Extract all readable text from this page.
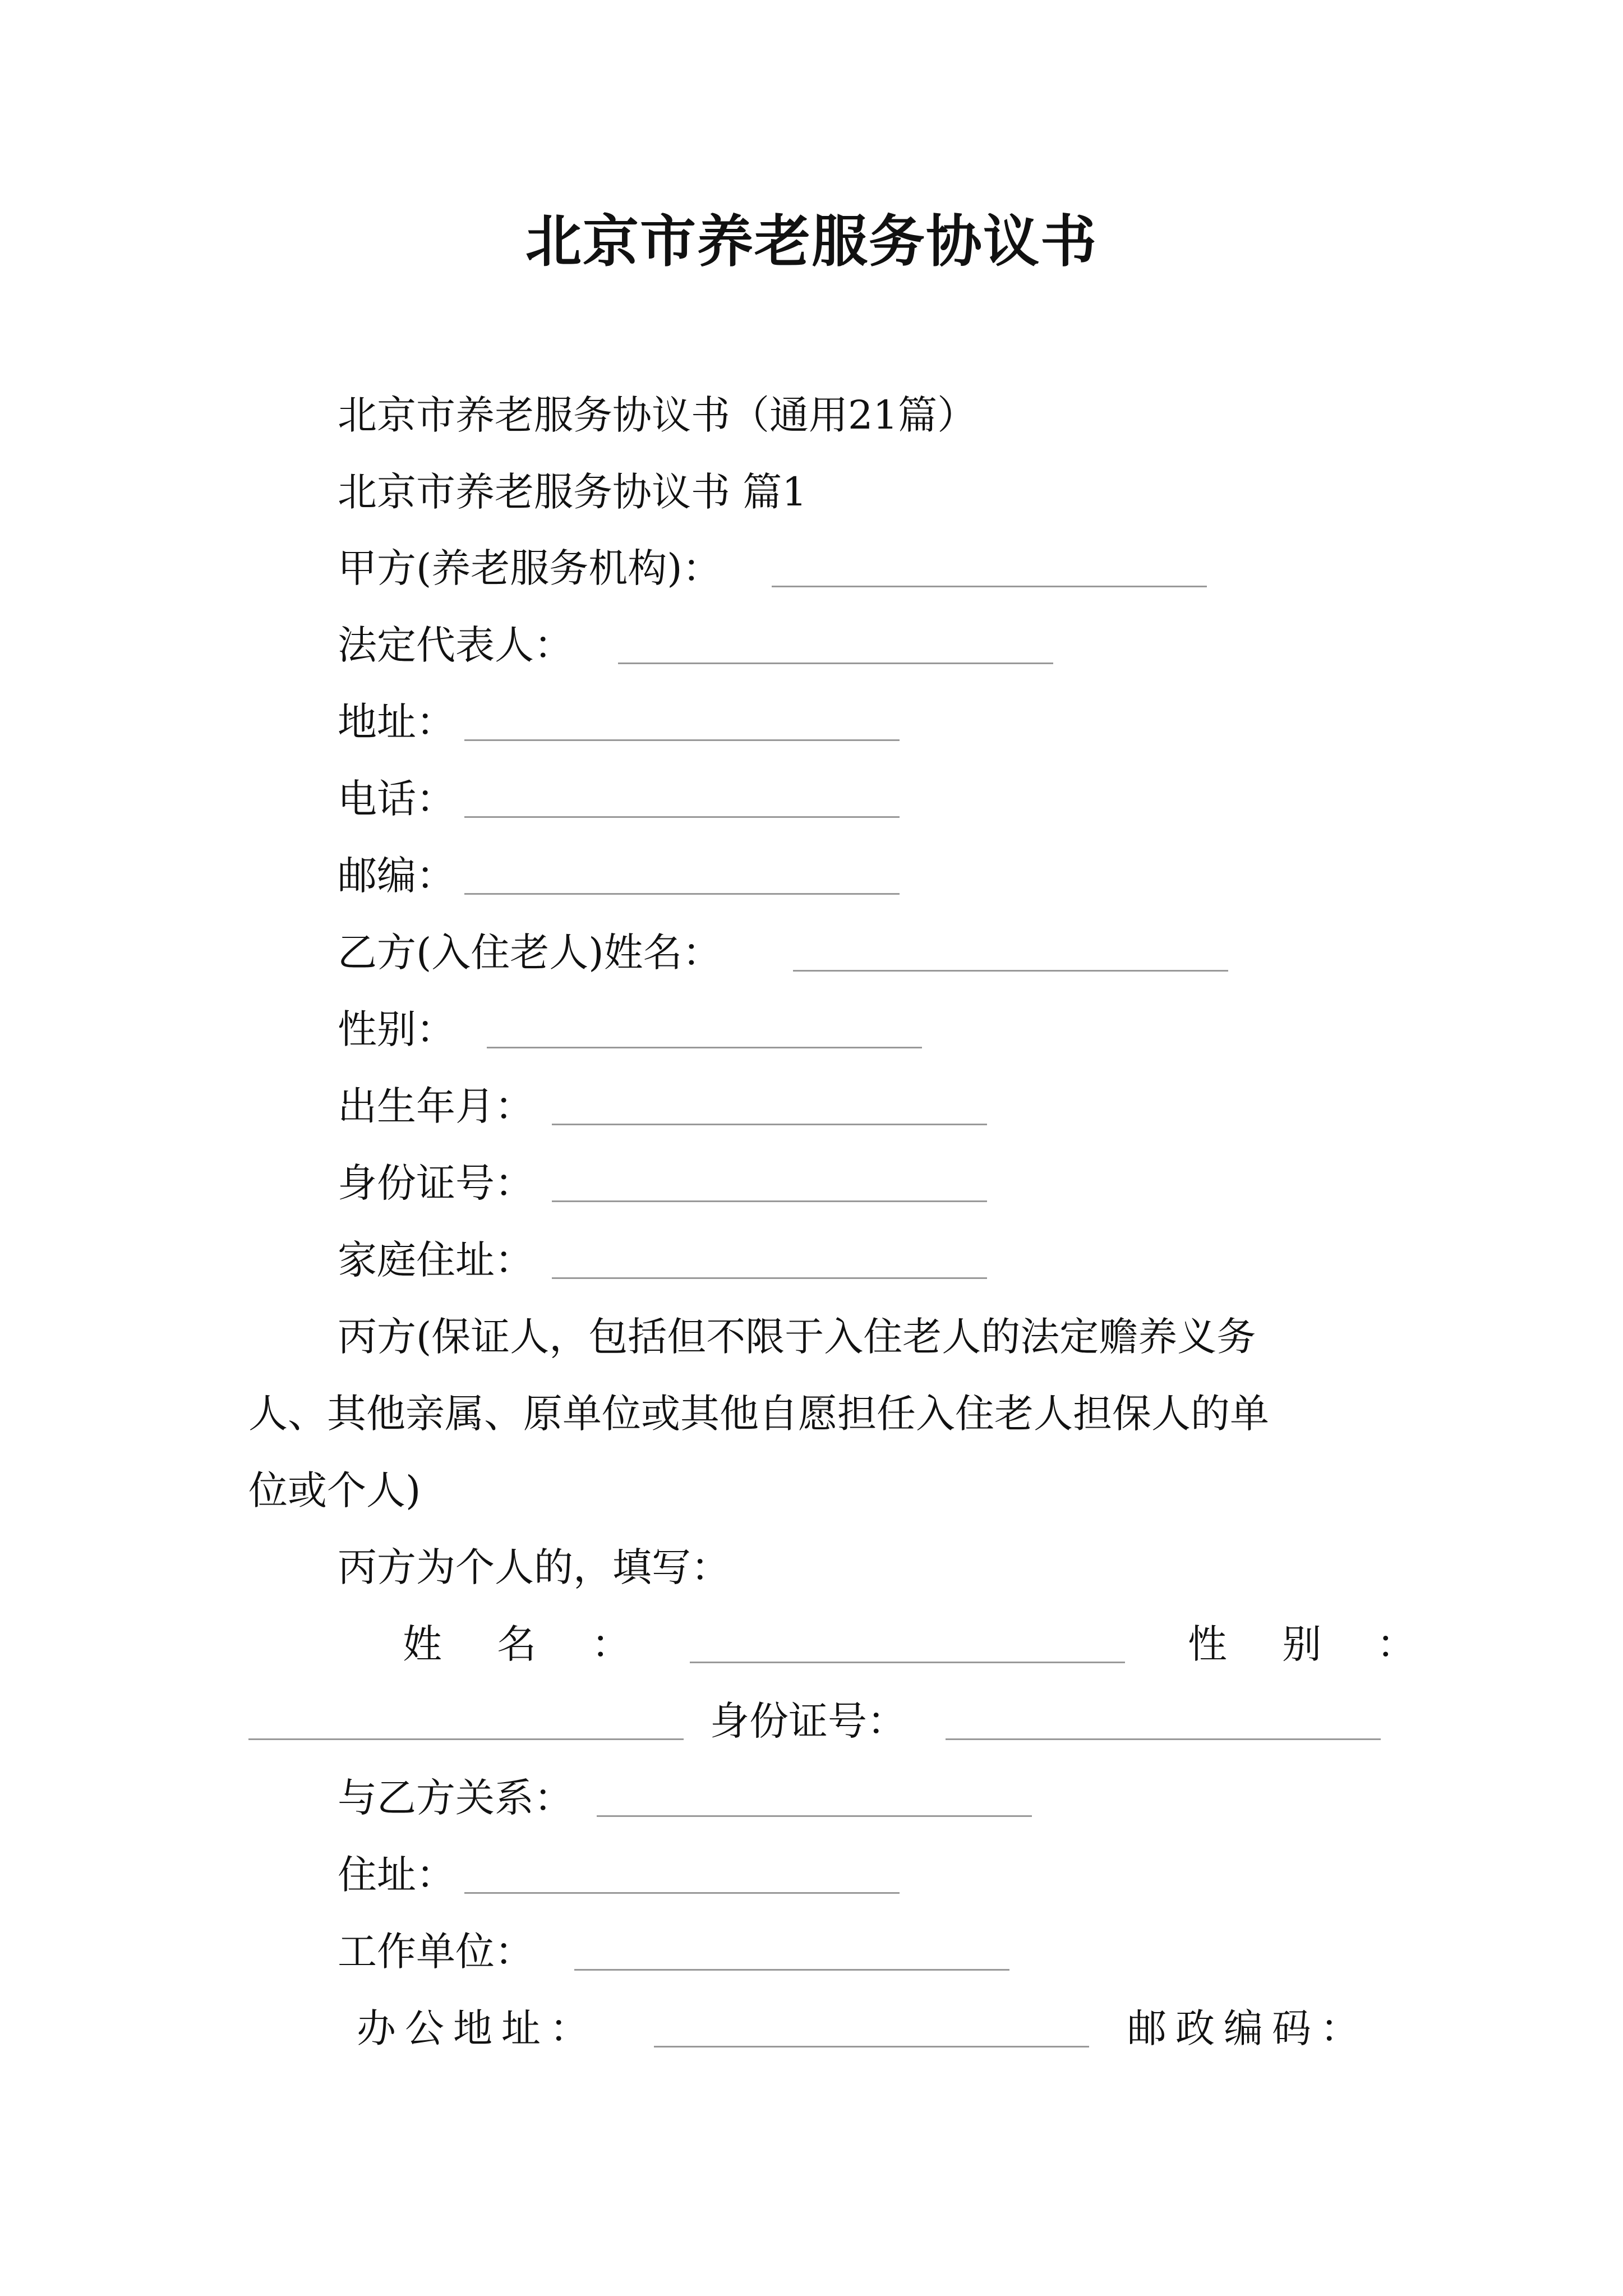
北京市养老服务协议书
北京市养老服务协议书（通用21篇）
北京市养老服务协议书 篇1
甲方(养老服务机构)：
法定代表人：
地址：
电话：
邮编：
乙方(入住老人)姓名：
性别：
出生年月：
身份证号：
家庭住址：
丙方(保证人，包括但不限于入住老人的法定赡养义务
人、其他亲属、原单位或其他自愿担任入住老人担保人的单
位或个人)
丙方为个人的，填写：
姓 名 ：	性 别 ：
身份证号：
与乙方关系：
住址：
工作单位：
办公地址：	邮政编码：
